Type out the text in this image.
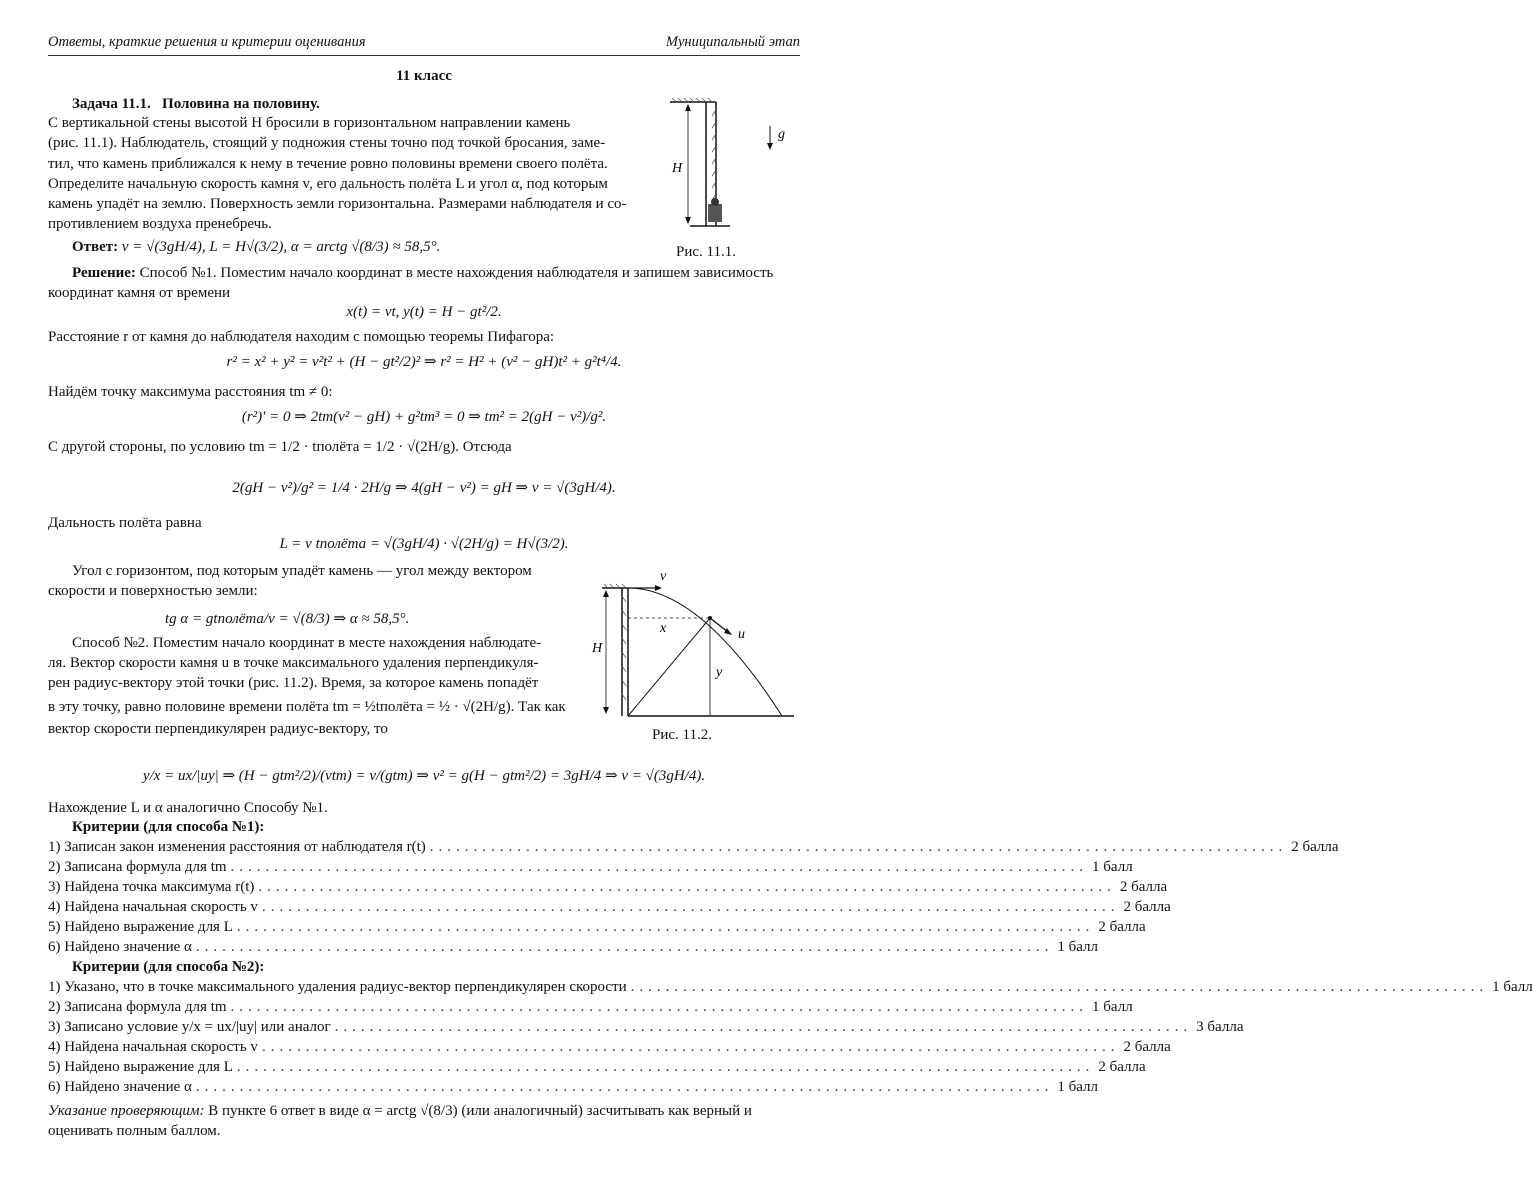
Ответы, краткие решения и критерии оценивания	Муниципальный этап
11 класс
Задача 11.1. Половина на половину.
С вертикальной стены высотой H бросили в горизонтальном направлении камень
(рис. 11.1). Наблюдатель, стоящий у подножия стены точно под точкой бросания, заме-
тил, что камень приближался к нему в течение ровно половины времени своего полёта.
Определите начальную скорость камня v, его дальность полёта L и угол α, под которым
камень упадёт на землю. Поверхность земли горизонтальна. Размерами наблюдателя и со-
противлением воздуха пренебречь.
H
g
Рис. 11.1.
Ответ: v = √(3gH/4), L = H√(3/2), α = arctg √(8/3) ≈ 58,5°.
Решение: Способ №1. Поместим начало координат в месте нахождения наблюдателя и запишем зависимость
координат камня от времени
x(t) = vt, y(t) = H − gt²/2.
Расстояние r от камня до наблюдателя находим с помощью теоремы Пифагора:
r² = x² + y² = v²t² + (H − gt²/2)² ⇒ r² = H² + (v² − gH)t² + g²t⁴/4.
Найдём точку максимума расстояния tm ≠ 0:
(r²)′ = 0 ⇒ 2tm(v² − gH) + g²tm³ = 0 ⇒ tm² = 2(gH − v²)/g².
С другой стороны, по условию tm = 1/2 · tполёта = 1/2 · √(2H/g). Отсюда
2(gH − v²)/g² = 1/4 · 2H/g ⇒ 4(gH − v²) = gH ⇒ v = √(3gH/4).
Дальность полёта равна
L = v tполёта = √(3gH/4) · √(2H/g) = H√(3/2).
Угол с горизонтом, под которым упадёт камень — угол между вектором
скорости и поверхностью земли:
tg α = gtполёта/v = √(8/3) ⇒ α ≈ 58,5°.
Способ №2. Поместим начало координат в месте нахождения наблюдате-
ля. Вектор скорости камня u в точке максимального удаления перпендикуля-
рен радиус-вектору этой точки (рис. 11.2). Время, за которое камень попадёт
в эту точку, равно половине времени полёта tm = ½tполёта = ½ · √(2H/g). Так как
вектор скорости перпендикулярен радиус-вектору, то
H
v
x
y
u
Рис. 11.2.
y/x = ux/|uy| ⇒ (H − gtm²/2)/(vtm) = v/(gtm) ⇒ v² = g(H − gtm²/2) = 3gH/4 ⇒ v = √(3gH/4).
Нахождение L и α аналогично Способу №1.
Критерии (для способа №1):
1) Записан закон изменения расстояния от наблюдателя r(t) .................................................................................................. 2 балла
2) Записана формула для tm .................................................................................................. 1 балл
3) Найдена точка максимума r(t) .................................................................................................. 2 балла
4) Найдена начальная скорость v .................................................................................................. 2 балла
5) Найдено выражение для L .................................................................................................. 2 балла
6) Найдено значение α .................................................................................................. 1 балл
Критерии (для способа №2):
1) Указано, что в точке максимального удаления радиус-вектор перпендикулярен скорости .................................................................................................. 1 балл
2) Записана формула для tm .................................................................................................. 1 балл
3) Записано условие y/x = ux/|uy| или аналог .................................................................................................. 3 балла
4) Найдена начальная скорость v .................................................................................................. 2 балла
5) Найдено выражение для L .................................................................................................. 2 балла
6) Найдено значение α .................................................................................................. 1 балл
Указание проверяющим: В пункте 6 ответ в виде α = arctg √(8/3) (или аналогичный) засчитывать как верный и
оценивать полным баллом.
